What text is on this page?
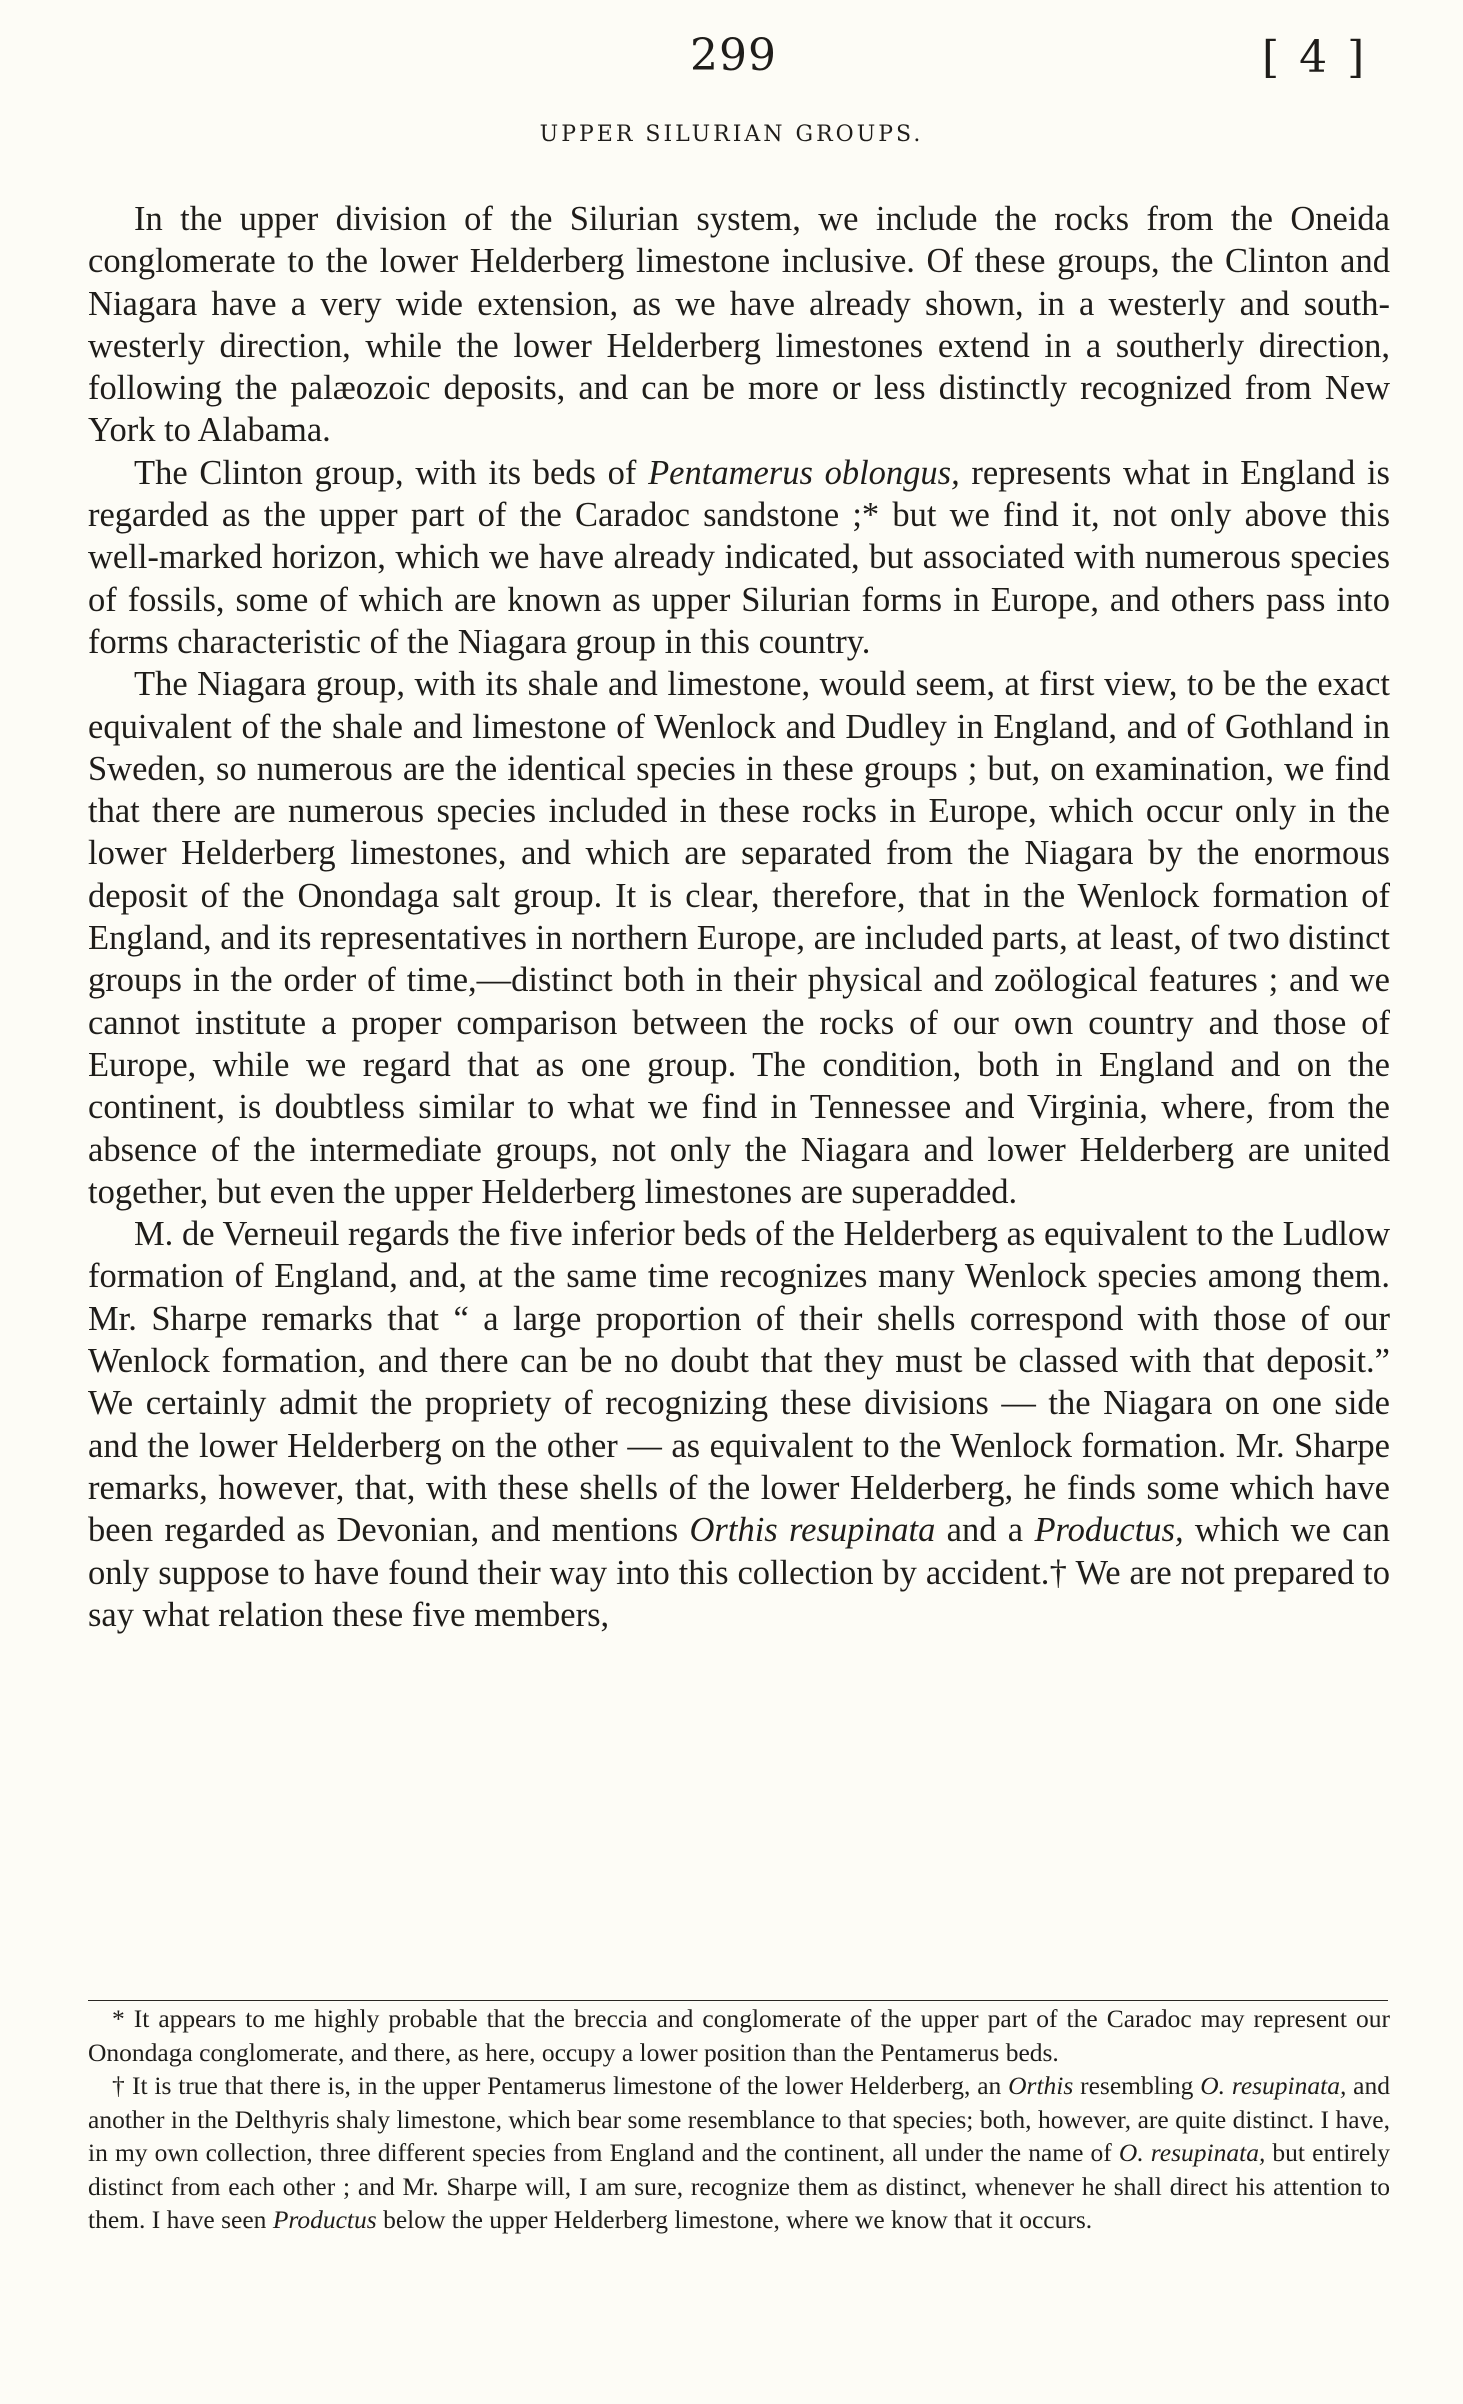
299	[ 4 ]
UPPER SILURIAN GROUPS.

In the upper division of the Silurian system, we include the rocks from the Oneida conglomerate to the lower Helderberg limestone inclusive. Of these groups, the Clinton and Niagara have a very wide extension, as we have already shown, in a westerly and south-westerly direction, while the lower Helderberg limestones extend in a southerly direction, following the palæozoic deposits, and can be more or less distinctly recognized from New York to Alabama.

The Clinton group, with its beds of Pentamerus oblongus, represents what in England is regarded as the upper part of the Caradoc sandstone ;* but we find it, not only above this well-marked horizon, which we have already indicated, but associated with numerous species of fossils, some of which are known as upper Silurian forms in Europe, and others pass into forms characteristic of the Niagara group in this country.

The Niagara group, with its shale and limestone, would seem, at first view, to be the exact equivalent of the shale and limestone of Wenlock and Dudley in England, and of Gothland in Sweden, so numerous are the identical species in these groups ; but, on examination, we find that there are numerous species included in these rocks in Europe, which occur only in the lower Helderberg limestones, and which are separated from the Niagara by the enormous deposit of the Onondaga salt group. It is clear, therefore, that in the Wenlock formation of England, and its representatives in northern Europe, are included parts, at least, of two distinct groups in the order of time,—distinct both in their physical and zoölogical features ; and we cannot institute a proper comparison between the rocks of our own country and those of Europe, while we regard that as one group. The condition, both in England and on the continent, is doubtless similar to what we find in Tennessee and Virginia, where, from the absence of the intermediate groups, not only the Niagara and lower Helderberg are united together, but even the upper Helderberg limestones are superadded.

M. de Verneuil regards the five inferior beds of the Helderberg as equivalent to the Ludlow formation of England, and, at the same time recognizes many Wenlock species among them. Mr. Sharpe remarks that “ a large proportion of their shells correspond with those of our Wenlock formation, and there can be no doubt that they must be classed with that deposit.” We certainly admit the propriety of recognizing these divisions — the Niagara on one side and the lower Helderberg on the other — as equivalent to the Wenlock formation. Mr. Sharpe remarks, however, that, with these shells of the lower Helderberg, he finds some which have been regarded as Devonian, and mentions Orthis resupinata and a Productus, which we can only suppose to have found their way into this collection by accident.† We are not prepared to say what relation these five members,

* It appears to me highly probable that the breccia and conglomerate of the upper part of the Caradoc may represent our Onondaga conglomerate, and there, as here, occupy a lower position than the Pentamerus beds.

† It is true that there is, in the upper Pentamerus limestone of the lower Helderberg, an Orthis resembling O. resupinata, and another in the Delthyris shaly limestone, which bear some resemblance to that species; both, however, are quite distinct. I have, in my own collection, three different species from England and the continent, all under the name of O. resupinata, but entirely distinct from each other ; and Mr. Sharpe will, I am sure, recognize them as distinct, whenever he shall direct his attention to them. I have seen Productus below the upper Helderberg limestone, where we know that it occurs.
